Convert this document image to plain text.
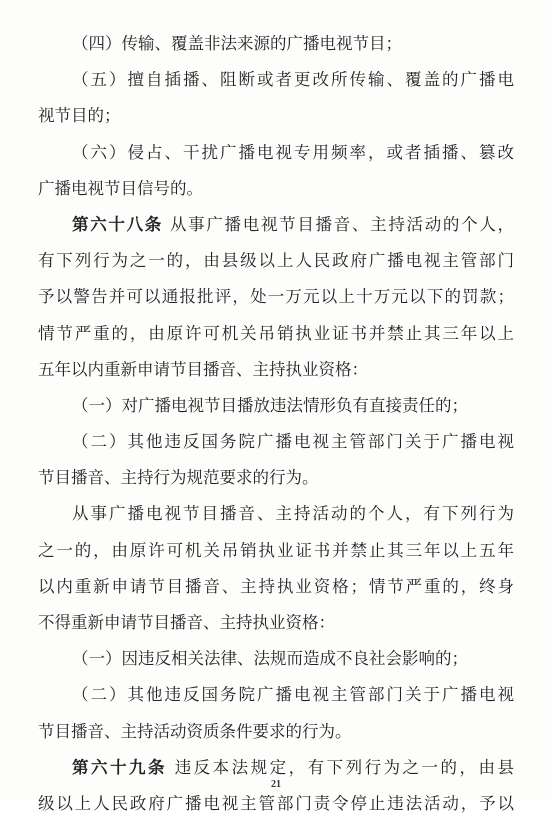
（四）传输、覆盖非法来源的广播电视节目；
（五）擅自插播、阻断或者更改所传输、覆盖的广播电
视节目的；
（六）侵占、干扰广播电视专用频率，或者插播、篡改
广播电视节目信号的。
第六十八条 从事广播电视节目播音、主持活动的个人，
有下列行为之一的，由县级以上人民政府广播电视主管部门
予以警告并可以通报批评，处一万元以上十万元以下的罚款；
情节严重的，由原许可机关吊销执业证书并禁止其三年以上
五年以内重新申请节目播音、主持执业资格：
（一）对广播电视节目播放违法情形负有直接责任的；
（二）其他违反国务院广播电视主管部门关于广播电视
节目播音、主持行为规范要求的行为。
从事广播电视节目播音、主持活动的个人，有下列行为
之一的，由原许可机关吊销执业证书并禁止其三年以上五年
以内重新申请节目播音、主持执业资格；情节严重的，终身
不得重新申请节目播音、主持执业资格：
（一）因违反相关法律、法规而造成不良社会影响的；
（二）其他违反国务院广播电视主管部门关于广播电视
节目播音、主持活动资质条件要求的行为。
第六十九条 违反本法规定，有下列行为之一的，由县
级以上人民政府广播电视主管部门责令停止违法活动，予以
21
